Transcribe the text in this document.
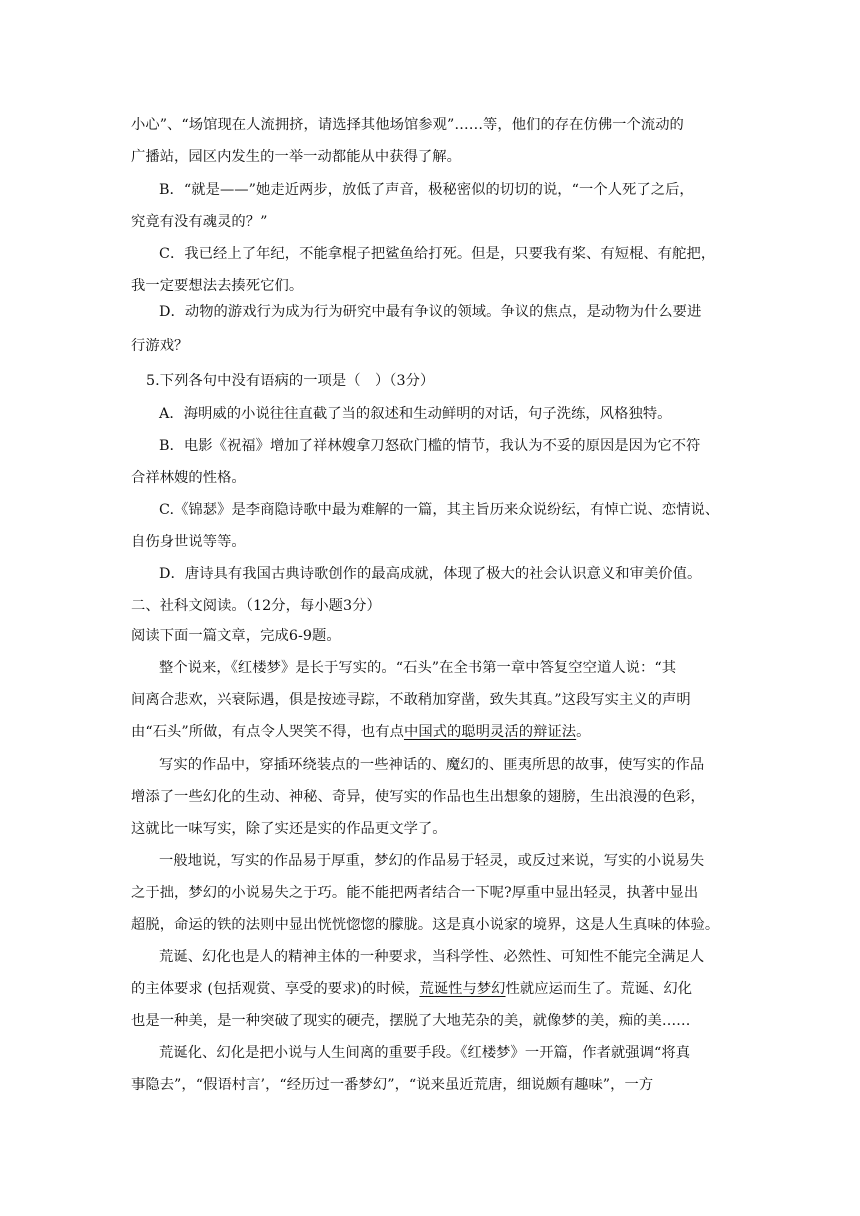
小心”、“场馆现在人流拥挤，请选择其他场馆参观”……等，他们的存在仿佛一个流动的
广播站，园区内发生的一举一动都能从中获得了解。
B．“就是——”她走近两步，放低了声音，极秘密似的切切的说，“一个人死了之后，
究竟有没有魂灵的？”
C．我已经上了年纪，不能拿棍子把鲨鱼给打死。但是，只要我有桨、有短棍、有舵把，
我一定要想法去揍死它们。
D．动物的游戏行为成为行为研究中最有争议的领域。争议的焦点，是动物为什么要进
行游戏？
5.下列各句中没有语病的一项是（　）（3分）
A．海明威的小说往往直截了当的叙述和生动鲜明的对话，句子洗练，风格独特。
B．电影《祝福》增加了祥林嫂拿刀怒砍门槛的情节，我认为不妥的原因是因为它不符
合祥林嫂的性格。
C.《锦瑟》是李商隐诗歌中最为难解的一篇，其主旨历来众说纷纭，有悼亡说、恋情说、
自伤身世说等等。
D．唐诗具有我国古典诗歌创作的最高成就，体现了极大的社会认识意义和审美价值。
二、社科文阅读。（12分，每小题3分）
阅读下面一篇文章，完成6-9题。
整个说来，《红楼梦》是长于写实的。“石头”在全书第一章中答复空空道人说：“其
间离合悲欢，兴衰际遇，俱是按迹寻踪，不敢稍加穿凿，致失其真。”这段写实主义的声明
由“石头”所做，有点令人哭笑不得，也有点中国式的聪明灵活的辩证法。
写实的作品中，穿插环绕装点的一些神话的、魔幻的、匪夷所思的故事，使写实的作品
增添了一些幻化的生动、神秘、奇异，使写实的作品也生出想象的翅膀，生出浪漫的色彩，
这就比一味写实，除了实还是实的作品更文学了。
一般地说，写实的作品易于厚重，梦幻的作品易于轻灵，或反过来说，写实的小说易失
之于拙，梦幻的小说易失之于巧。能不能把两者结合一下呢?厚重中显出轻灵，执著中显出
超脱，命运的铁的法则中显出恍恍惚惚的朦胧。这是真小说家的境界，这是人生真味的体验。
荒诞、幻化也是人的精神主体的一种要求，当科学性、必然性、可知性不能完全满足人
的主体要求 (包括观赏、享受的要求)的时候，荒诞性与梦幻性就应运而生了。荒诞、幻化
也是一种美，是一种突破了现实的硬壳，摆脱了大地芜杂的美，就像梦的美，痴的美……
荒诞化、幻化是把小说与人生间离的重要手段。《红楼梦》一开篇，作者就强调“将真
事隐去”，“假语村言’，“经历过一番梦幻”，“说来虽近荒唐，细说颇有趣味”，一方
